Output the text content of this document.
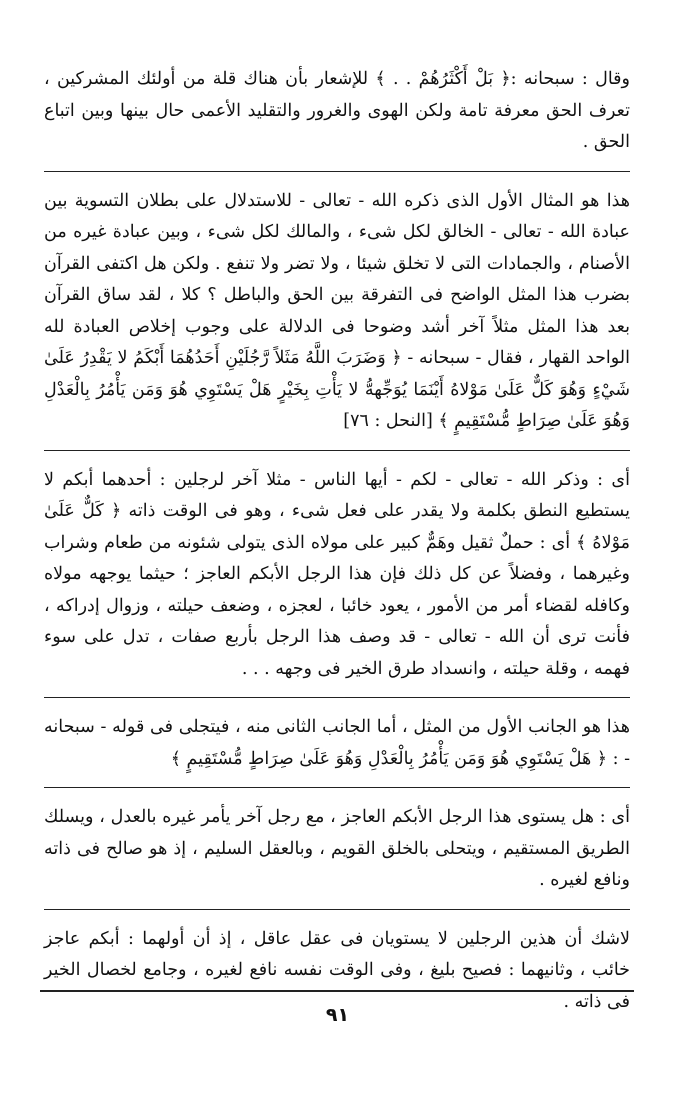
وقال : سبحانه :﴿ بَلْ أَكْثَرُهُمْ . . ﴾ للإشعار بأن هناك قلة من أولئك المشركين ، تعرف الحق معرفة تامة ولكن الهوى والغرور والتقليد الأعمى حال بينها وبين اتباع الحق .

هذا هو المثال الأول الذى ذكره الله - تعالى - للاستدلال على بطلان التسوية بين عبادة الله - تعالى - الخالق لكل شىء ، والمالك لكل شىء ، وبين عبادة غيره من الأصنام ، والجمادات التى لا تخلق شيئا ، ولا تضر ولا تنفع . ولكن هل اكتفى القرآن بضرب هذا المثل الواضح فى التفرقة بين الحق والباطل ؟ كلا ، لقد ساق القرآن بعد هذا المثل مثلاً آخر أشد وضوحا فى الدلالة على وجوب إخلاص العبادة لله الواحد القهار ، فقال - سبحانه - ﴿ وَضَرَبَ اللَّهُ مَثَلاً رَّجُلَيْنِ أَحَدُهُمَا أَبْكَمُ لا يَقْدِرُ عَلَىٰ شَيْءٍ وَهُوَ كَلٌّ عَلَىٰ مَوْلاهُ أَيْنَمَا يُوَجِّههُّ لا يَأْتِ بِخَيْرٍ هَلْ يَسْتَوِي هُوَ وَمَن يَأْمُرُ بِالْعَدْلِ وَهُوَ عَلَىٰ صِرَاطٍ مُّسْتَقِيمٍ ﴾ [النحل : ٧٦]

أى : وذكر الله - تعالى - لكم - أيها الناس - مثلا آخر لرجلين : أحدهما أبكم لا يستطيع النطق بكلمة ولا يقدر على فعل شىء ، وهو فى الوقت ذاته ﴿ كَلٌّ عَلَىٰ مَوْلاهُ ﴾ أى : حملٌ ثقيل وهَمٌّ كبير على مولاه الذى يتولى شئونه من طعام وشراب وغيرهما ، وفضلاً عن كل ذلك فإن هذا الرجل الأبكم العاجز ؛ حيثما يوجهه مولاه وكافله لقضاء أمر من الأمور ، يعود خائبا ، لعجزه ، وضعف حيلته ، وزوال إدراكه ، فأنت ترى أن الله - تعالى - قد وصف هذا الرجل بأربع صفات ، تدل على سوء فهمه ، وقلة حيلته ، وانسداد طرق الخير فى وجهه . . .

هذا هو الجانب الأول من المثل ، أما الجانب الثانى منه ، فيتجلى فى قوله - سبحانه - : ﴿ هَلْ يَسْتَوِي هُوَ وَمَن يَأْمُرُ بِالْعَدْلِ وَهُوَ عَلَىٰ صِرَاطٍ مُّسْتَقِيمٍ ﴾

أى : هل يستوى هذا الرجل الأبكم العاجز ، مع رجل آخر يأمر غيره بالعدل ، ويسلك الطريق المستقيم ، ويتحلى بالخلق القويم ، وبالعقل السليم ، إذ هو صالح فى ذاته ونافع لغيره .

لاشك أن هذين الرجلين لا يستويان فى عقل عاقل ، إذ أن أولهما : أبكم عاجز خائب ، وثانيهما : فصيح بليغ ، وفى الوقت نفسه نافع لغيره ، وجامع لخصال الخير فى ذاته .

٩١
